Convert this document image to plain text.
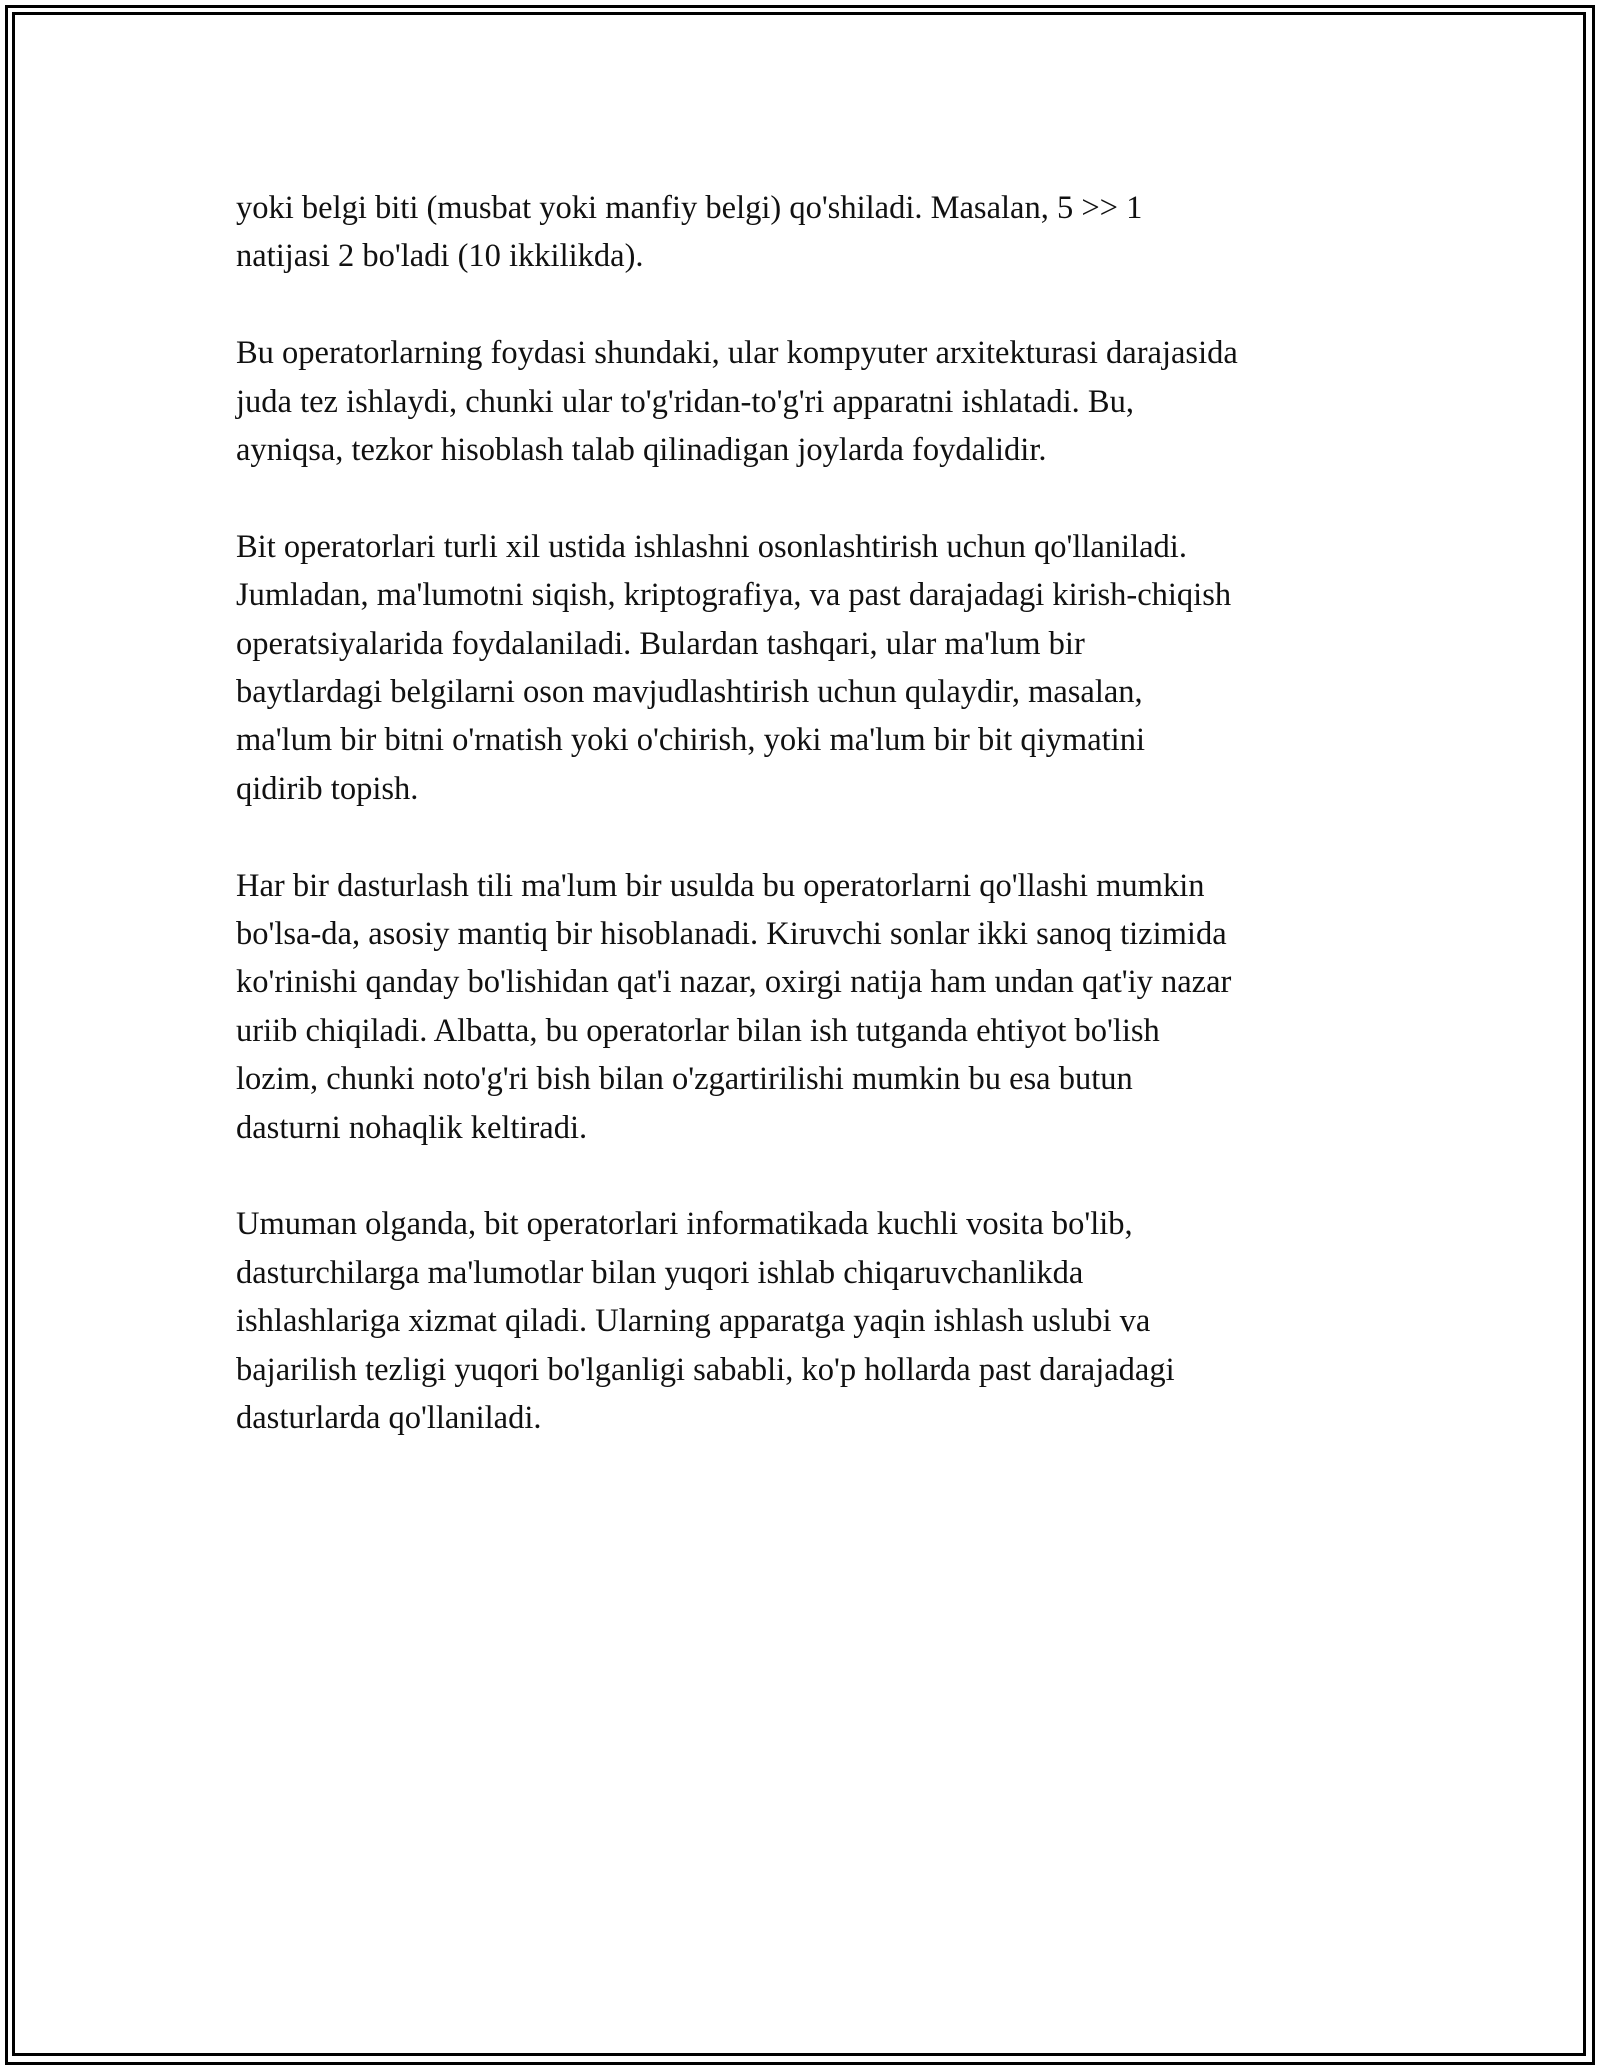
yoki belgi biti (musbat yoki manfiy belgi) qo'shiladi. Masalan, 5 >> 1
natijasi 2 bo'ladi (10 ikkilikda).

Bu operatorlarning foydasi shundaki, ular kompyuter arxitekturasi darajasida
juda tez ishlaydi, chunki ular to'g'ridan-to'g'ri apparatni ishlatadi. Bu,
ayniqsa, tezkor hisoblash talab qilinadigan joylarda foydalidir.

Bit operatorlari turli xil ustida ishlashni osonlashtirish uchun qo'llaniladi.
Jumladan, ma'lumotni siqish, kriptografiya, va past darajadagi kirish-chiqish
operatsiyalarida foydalaniladi. Bulardan tashqari, ular ma'lum bir
baytlardagi belgilarni oson mavjudlashtirish uchun qulaydir, masalan,
ma'lum bir bitni o'rnatish yoki o'chirish, yoki ma'lum bir bit qiymatini
qidirib topish.

Har bir dasturlash tili ma'lum bir usulda bu operatorlarni qo'llashi mumkin
bo'lsa-da, asosiy mantiq bir hisoblanadi. Kiruvchi sonlar ikki sanoq tizimida
ko'rinishi qanday bo'lishidan qat'i nazar, oxirgi natija ham undan qat'iy nazar
uriib chiqiladi. Albatta, bu operatorlar bilan ish tutganda ehtiyot bo'lish
lozim, chunki noto'g'ri bish bilan o'zgartirilishi mumkin bu esa butun
dasturni nohaqlik keltiradi.

Umuman olganda, bit operatorlari informatikada kuchli vosita bo'lib,
dasturchilarga ma'lumotlar bilan yuqori ishlab chiqaruvchanlikda
ishlashlariga xizmat qiladi. Ularning apparatga yaqin ishlash uslubi va
bajarilish tezligi yuqori bo'lganligi sababli, ko'p hollarda past darajadagi
dasturlarda qo'llaniladi.
